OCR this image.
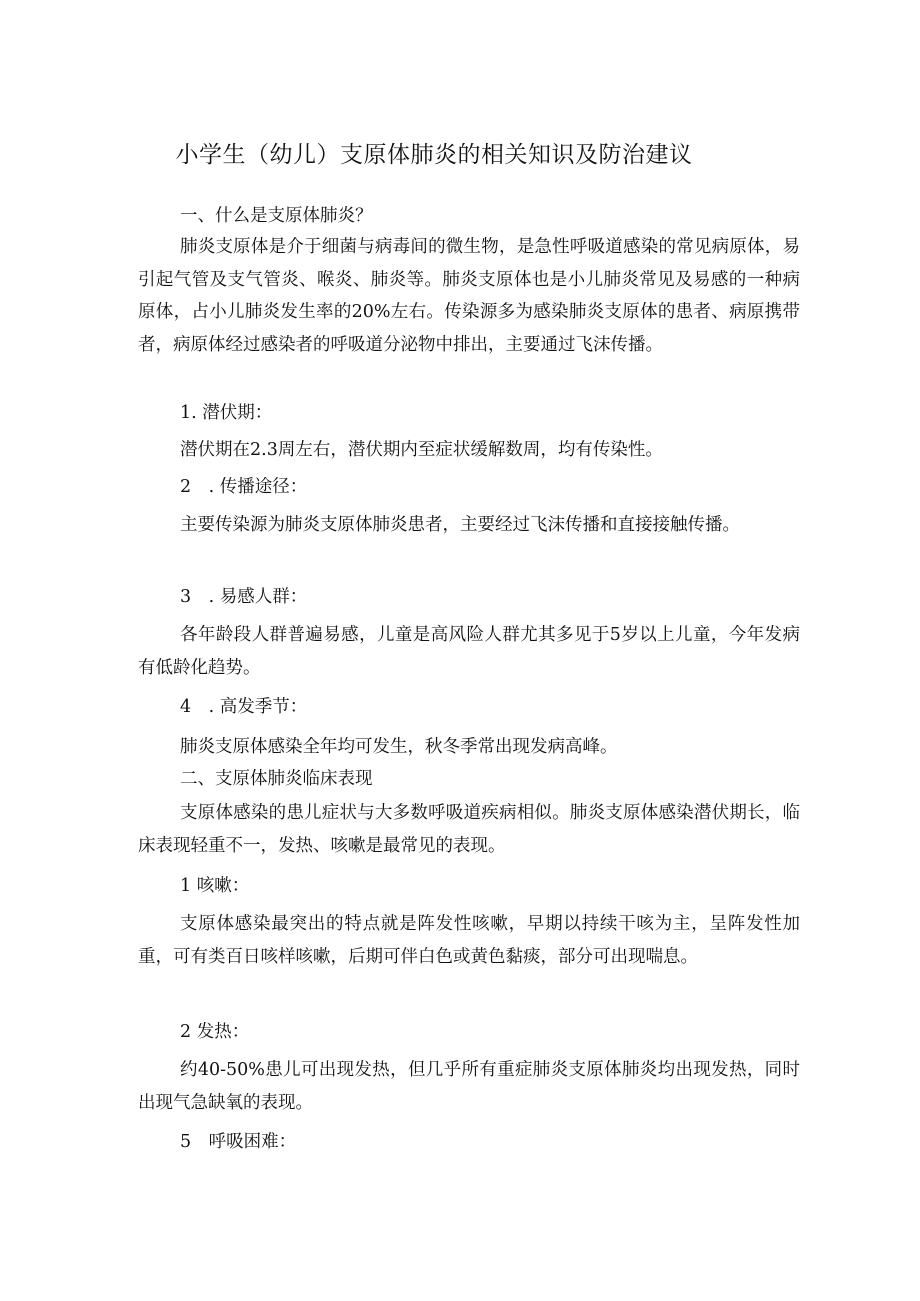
小学生（幼儿）支原体肺炎的相关知识及防治建议

一、什么是支原体肺炎？

肺炎支原体是介于细菌与病毒间的微生物，是急性呼吸道感染的常见病原体，易引起气管及支气管炎、喉炎、肺炎等。肺炎支原体也是小儿肺炎常见及易感的一种病原体，占小儿肺炎发生率的20%左右。传染源多为感染肺炎支原体的患者、病原携带者，病原体经过感染者的呼吸道分泌物中排出，主要通过飞沫传播。

1. 潜伏期：

潜伏期在2.3周左右，潜伏期内至症状缓解数周，均有传染性。

2　. 传播途径：

主要传染源为肺炎支原体肺炎患者，主要经过飞沫传播和直接接触传播。

3　. 易感人群：

各年龄段人群普遍易感，儿童是高风险人群尤其多见于5岁以上儿童，今年发病有低龄化趋势。

4　. 高发季节：

肺炎支原体感染全年均可发生，秋冬季常出现发病高峰。

二、支原体肺炎临床表现

支原体感染的患儿症状与大多数呼吸道疾病相似。肺炎支原体感染潜伏期长，临床表现轻重不一，发热、咳嗽是最常见的表现。

1 咳嗽：

支原体感染最突出的特点就是阵发性咳嗽，早期以持续干咳为主，呈阵发性加重，可有类百日咳样咳嗽，后期可伴白色或黄色黏痰，部分可出现喘息。

2 发热：

约40-50%患儿可出现发热，但几乎所有重症肺炎支原体肺炎均出现发热，同时出现气急缺氧的表现。

5　呼吸困难：
